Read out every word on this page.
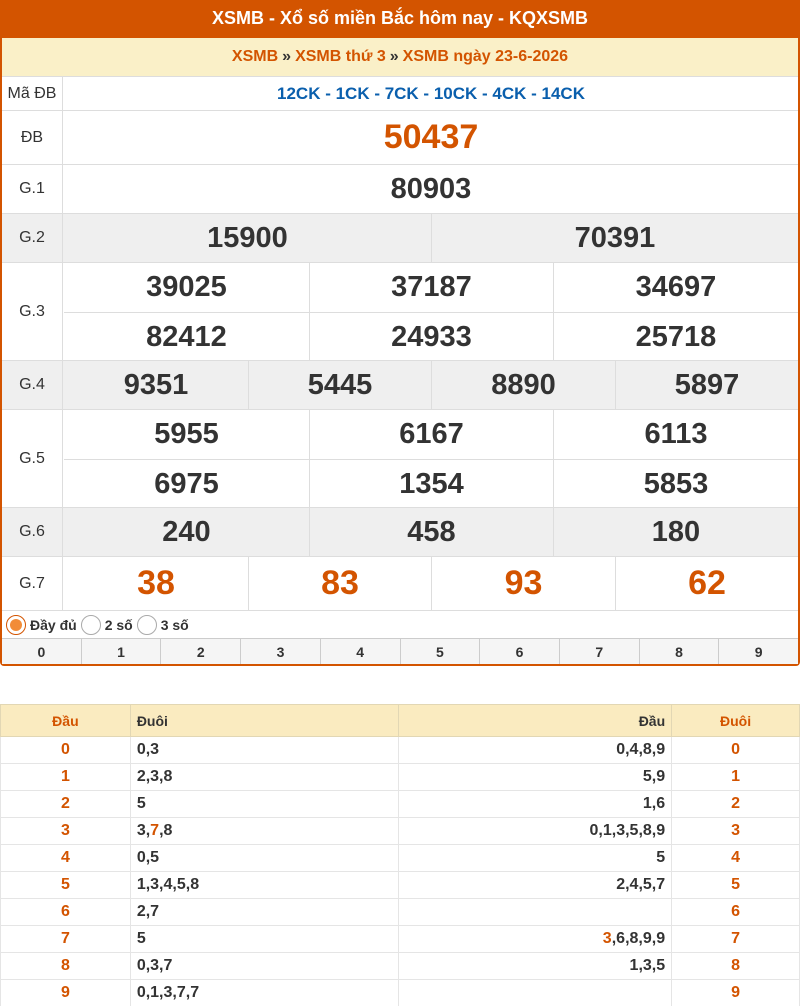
XSMB - Xổ số miền Bắc hôm nay - KQXSMB
XSMB » XSMB thứ 3 » XSMB ngày 23-6-2026
Mã ĐB	12CK - 1CK - 7CK - 10CK - 4CK - 14CK
ĐB	50437
G.1	80903
G.2	15900	70391
G.3
39025	37187	34697
82412	24933	25718
G.4	9351	5445	8890	5897
G.5
5955	6167	6113
6975	1354	5853
G.6	240	458	180
G.7	38	83	93	62
Đầy đủ 2 số 3 số
0	1	2	3	4	5	6	7	8	9
Đầu	Đuôi	Đầu	Đuôi
0	0,3	0,4,8,9	0
1	2,3,8	5,9	1
2	5	1,6	2
3	3,7,8	0,1,3,5,8,9	3
4	0,5	5	4
5	1,3,4,5,8	2,4,5,7	5
6	2,7		6
7	5	3,6,8,9,9	7
8	0,3,7	1,3,5	8
9	0,1,3,7,7		9
